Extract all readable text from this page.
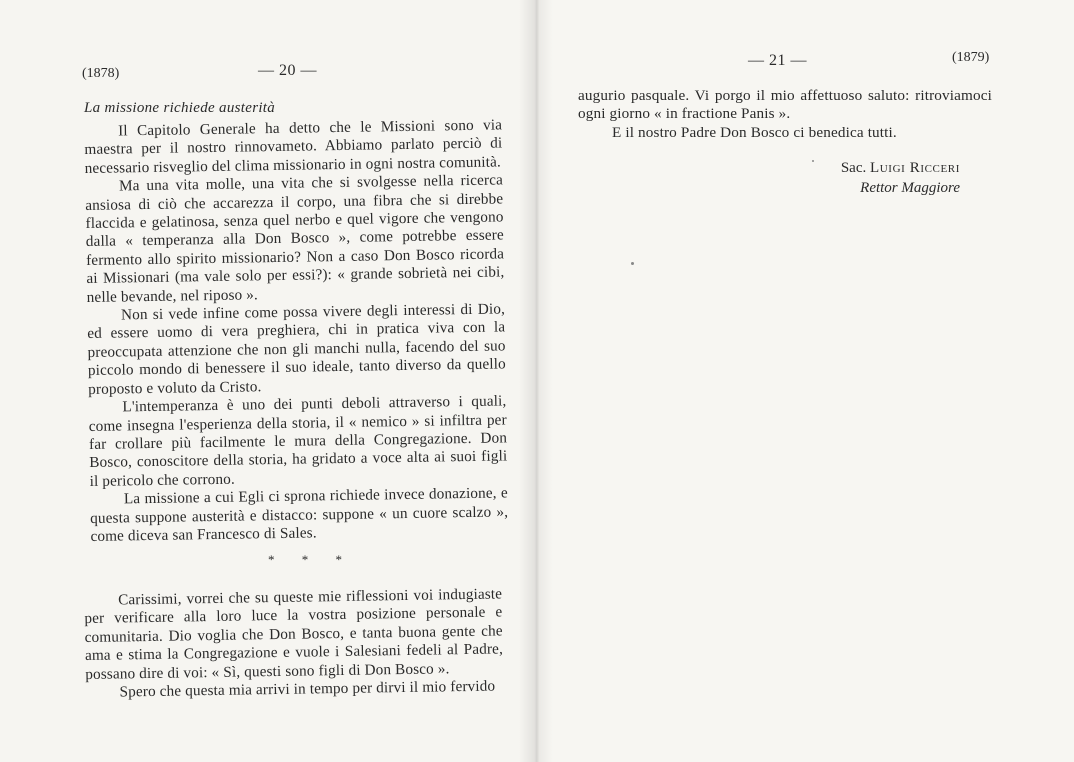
(1878)	— 20 —
La missione richiede austerità

Il Capitolo Generale ha detto che le Missioni sono via maestra per il nostro rinnovameto. Abbiamo parlato perciò di necessario risveglio del clima missionario in ogni nostra comunità.

Ma una vita molle, una vita che si svolgesse nella ricerca ansiosa di ciò che accarezza il corpo, una fibra che si direbbe flaccida e gelatinosa, senza quel nerbo e quel vigore che vengono dalla « temperanza alla Don Bosco », come potrebbe essere fermento allo spirito missionario? Non a caso Don Bosco ricorda ai Missionari (ma vale solo per essi?): « grande sobrietà nei cibi, nelle bevande, nel riposo ».

Non si vede infine come possa vivere degli interessi di Dio, ed essere uomo di vera preghiera, chi in pratica viva con la preoccupata attenzione che non gli manchi nulla, facendo del suo piccolo mondo di benessere il suo ideale, tanto diverso da quello proposto e voluto da Cristo.

L'intemperanza è uno dei punti deboli attraverso i quali, come insegna l'esperienza della storia, il « nemico » si infiltra per far crollare più facilmente le mura della Congregazione. Don Bosco, conoscitore della storia, ha gridato a voce alta ai suoi figli il pericolo che corrono.

La missione a cui Egli ci sprona richiede invece donazione, e questa suppone austerità e distacco: suppone « un cuore scalzo », come diceva san Francesco di Sales.

* * *

Carissimi, vorrei che su queste mie riflessioni voi indugiaste per verificare alla loro luce la vostra posizione personale e comunitaria. Dio voglia che Don Bosco, e tanta buona gente che ama e stima la Congregazione e vuole i Salesiani fedeli al Padre, possano dire di voi: « Sì, questi sono figli di Don Bosco ».

Spero che questa mia arrivi in tempo per dirvi il mio fervido

— 21 —	(1879)

augurio pasquale. Vi porgo il mio affettuoso saluto: ritroviamoci ogni giorno « in fractione Panis ».

E il nostro Padre Don Bosco ci benedica tutti.

Sac. Luigi Ricceri
Rettor Maggiore
